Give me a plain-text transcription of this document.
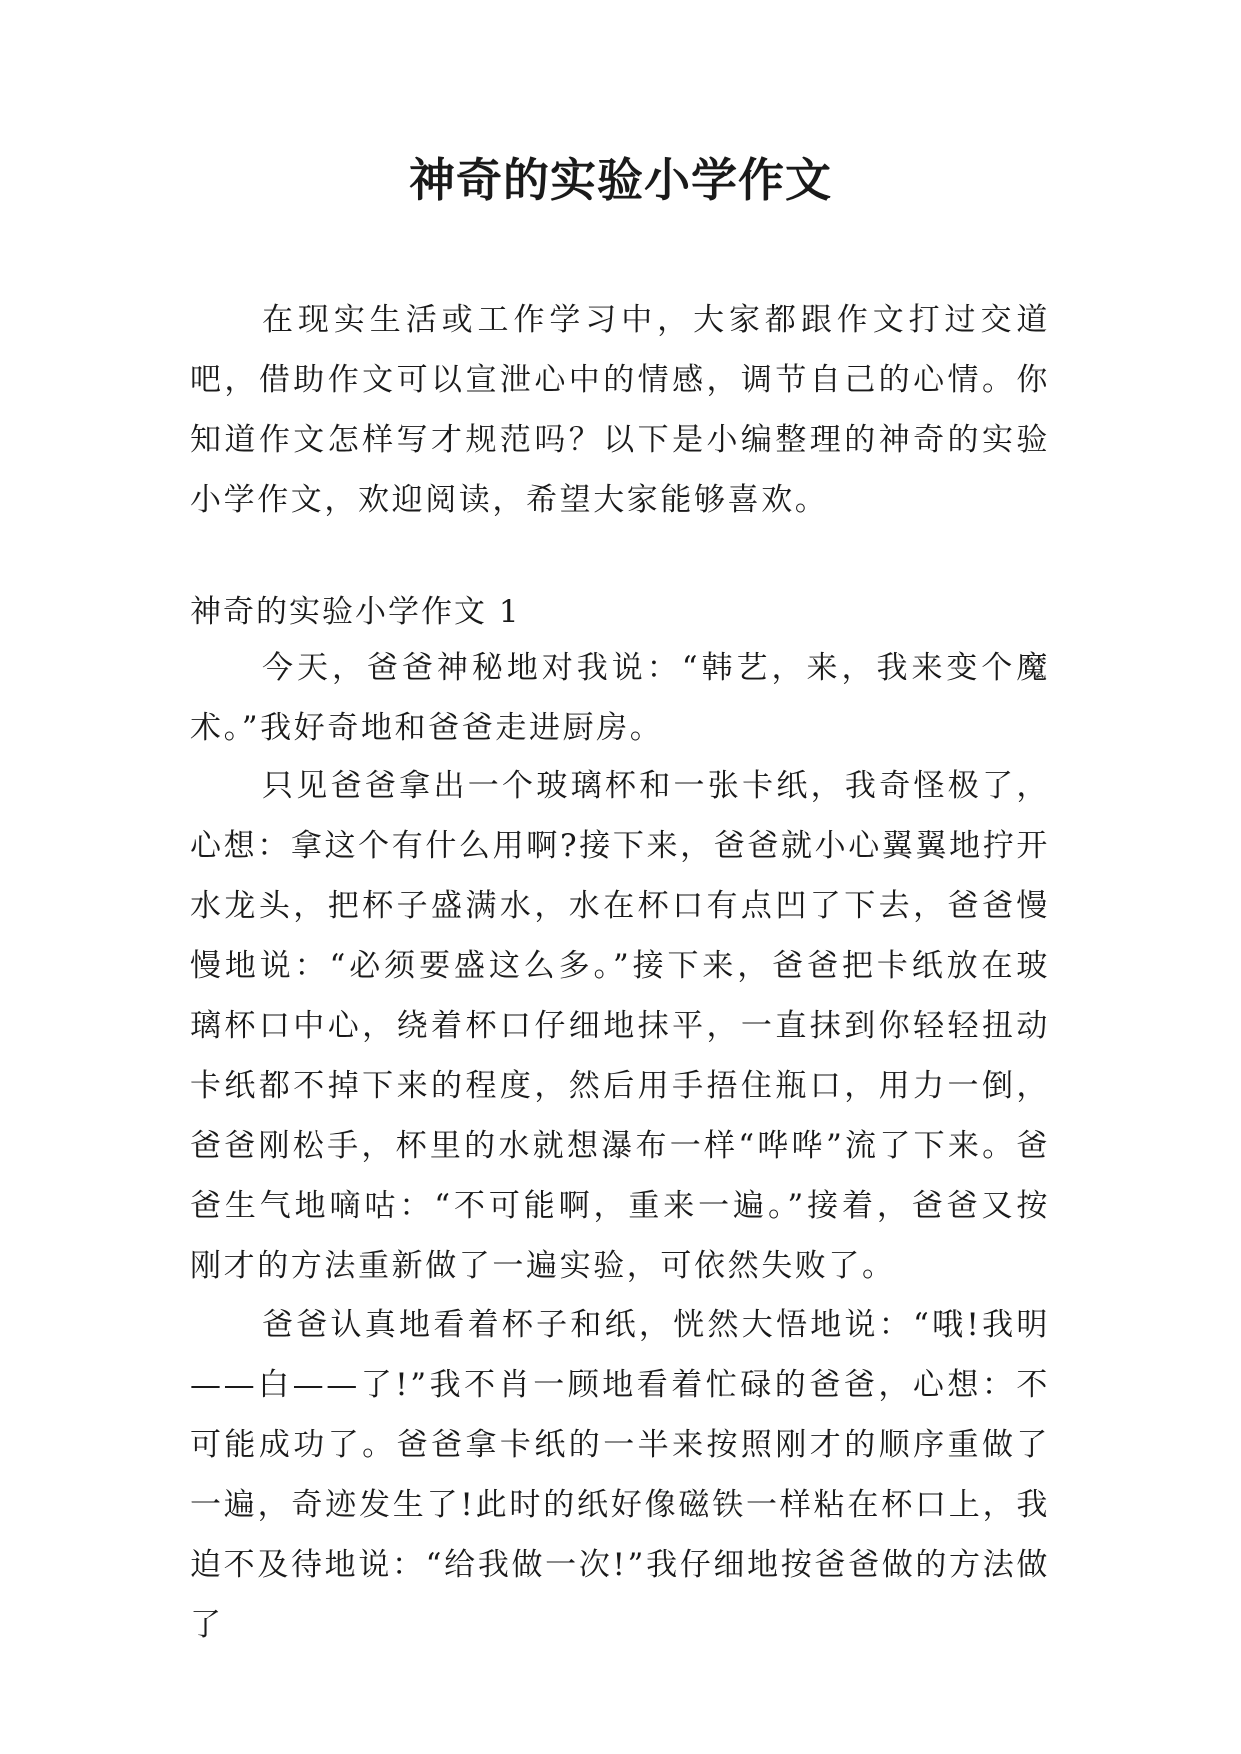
神奇的实验小学作文

在现实生活或工作学习中，大家都跟作文打过交道吧，借助作文可以宣泄心中的情感，调节自己的心情。你知道作文怎样写才规范吗？以下是小编整理的神奇的实验小学作文，欢迎阅读，希望大家能够喜欢。

神奇的实验小学作文 1

今天，爸爸神秘地对我说：“韩艺，来，我来变个魔术。”我好奇地和爸爸走进厨房。

只见爸爸拿出一个玻璃杯和一张卡纸，我奇怪极了，心想：拿这个有什么用啊?接下来，爸爸就小心翼翼地拧开水龙头，把杯子盛满水，水在杯口有点凹了下去，爸爸慢慢地说：“必须要盛这么多。”接下来，爸爸把卡纸放在玻璃杯口中心，绕着杯口仔细地抹平，一直抹到你轻轻扭动卡纸都不掉下来的程度，然后用手捂住瓶口，用力一倒，爸爸刚松手，杯里的水就想瀑布一样“哗哗”流了下来。爸爸生气地嘀咕：“不可能啊，重来一遍。”接着，爸爸又按刚才的方法重新做了一遍实验，可依然失败了。

爸爸认真地看着杯子和纸，恍然大悟地说：“哦!我明——白——了!”我不肖一顾地看着忙碌的爸爸，心想：不可能成功了。爸爸拿卡纸的一半来按照刚才的顺序重做了一遍，奇迹发生了!此时的纸好像磁铁一样粘在杯口上，我迫不及待地说：“给我做一次!”我仔细地按爸爸做的方法做了
